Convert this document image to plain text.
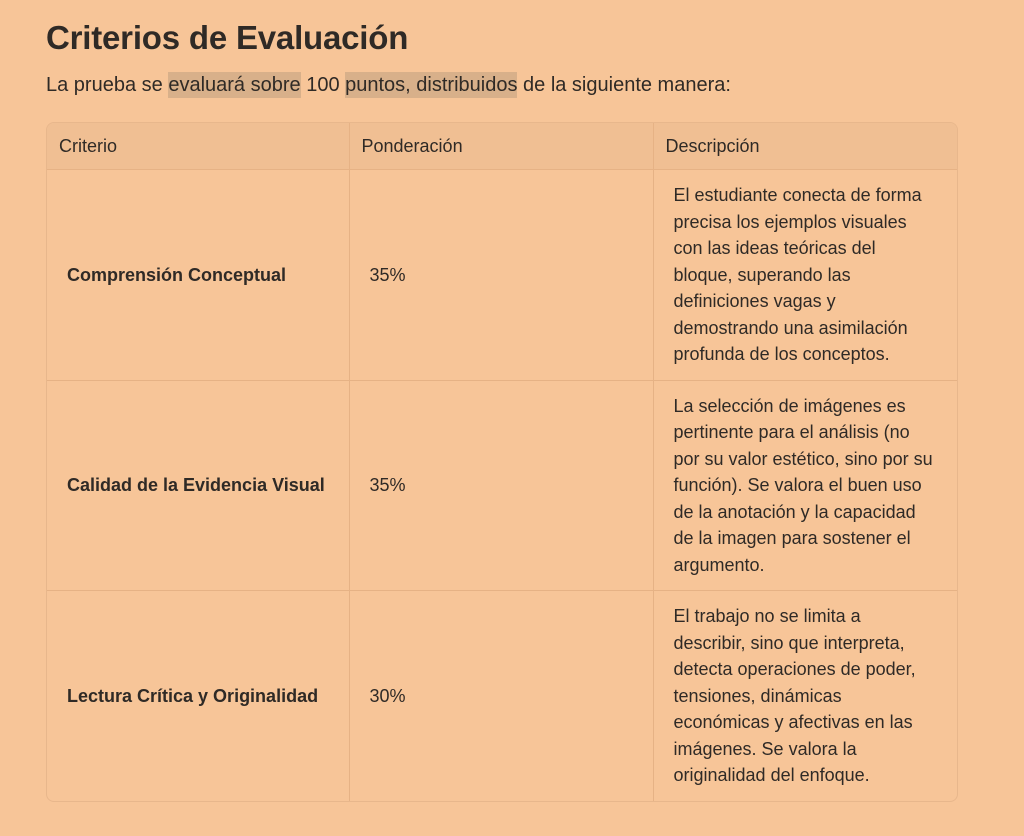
Criterios de Evaluación

La prueba se evaluará sobre 100 puntos, distribuidos de la siguiente manera:

Criterio	Ponderación	Descripción
Comprensión Conceptual	35%	El estudiante conecta de forma precisa los ejemplos visuales con las ideas teóricas del bloque, superando las definiciones vagas y demostrando una asimilación profunda de los conceptos.
Calidad de la Evidencia Visual	35%	La selección de imágenes es pertinente para el análisis (no por su valor estético, sino por su función). Se valora el buen uso de la anotación y la capacidad de la imagen para sostener el argumento.
Lectura Crítica y Originalidad	30%	El trabajo no se limita a describir, sino que interpreta, detecta operaciones de poder, tensiones, dinámicas económicas y afectivas en las imágenes. Se valora la originalidad del enfoque.
